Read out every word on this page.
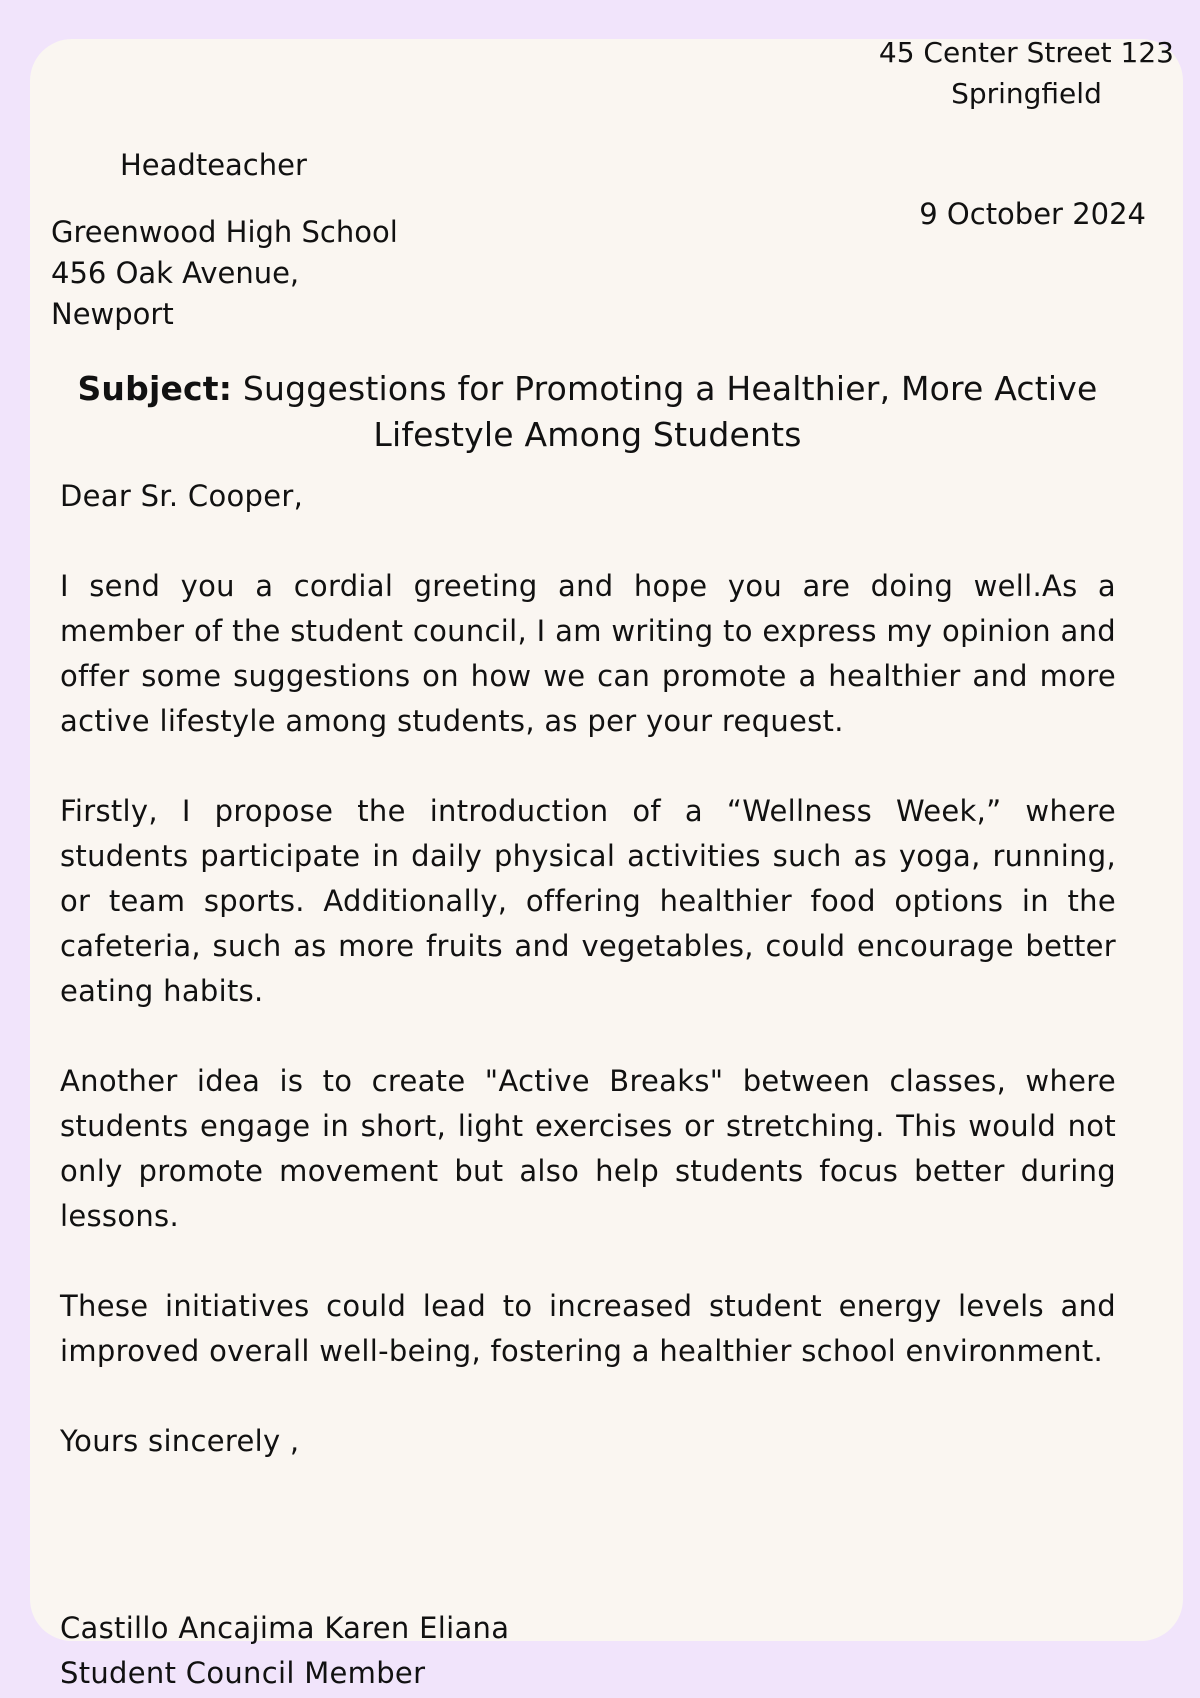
45 Center Street 123
Springfield
Headteacher
9 October 2024
Greenwood High School
456 Oak Avenue,
Newport
Subject: Suggestions for Promoting a Healthier, More Active Lifestyle Among Students

Dear Sr. Cooper,

I send you a cordial greeting and hope you are doing well.As a member of the student council, I am writing to express my opinion and offer some suggestions on how we can promote a healthier and more active lifestyle among students, as per your request.

Firstly, I propose the introduction of a “Wellness Week,” where students participate in daily physical activities such as yoga, running, or team sports. Additionally, offering healthier food options in the cafeteria, such as more fruits and vegetables, could encourage better eating habits.

Another idea is to create "Active Breaks" between classes, where students engage in short, light exercises or stretching. This would not only promote movement but also help students focus better during lessons.

These initiatives could lead to increased student energy levels and improved overall well-being, fostering a healthier school environment.

Yours sincerely ,

Castillo Ancajima Karen Eliana
Student Council Member
